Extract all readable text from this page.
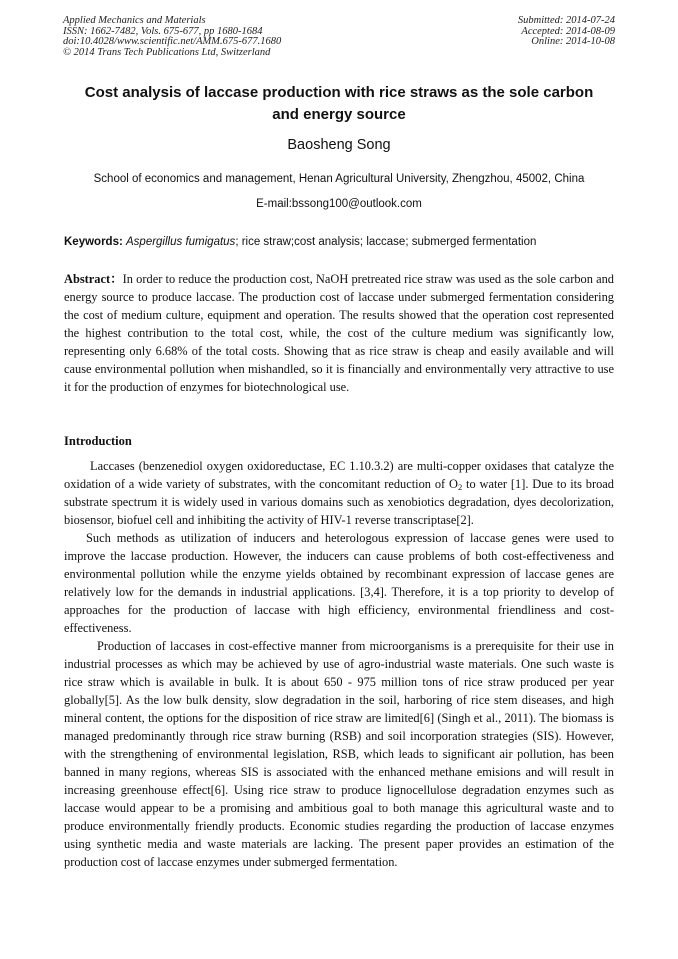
Applied Mechanics and Materials
ISSN: 1662-7482, Vols. 675-677, pp 1680-1684
doi:10.4028/www.scientific.net/AMM.675-677.1680
© 2014 Trans Tech Publications Ltd, Switzerland
Submitted: 2014-07-24
Accepted: 2014-08-09
Online: 2014-10-08
Cost analysis of laccase production with rice straws as the sole carbon
and energy source
Baosheng Song
School of economics and management, Henan Agricultural University, Zhengzhou, 45002, China
E-mail:bssong100@outlook.com
Keywords: Aspergillus fumigatus; rice straw;cost analysis; laccase; submerged fermentation
Abstract：In order to reduce the production cost, NaOH pretreated rice straw was used as the sole carbon and energy source to produce laccase. The production cost of laccase under submerged fermentation considering the cost of medium culture, equipment and operation. The results showed that the operation cost represented the highest contribution to the total cost, while, the cost of the culture medium was significantly low, representing only 6.68% of the total costs. Showing that as rice straw is cheap and easily available and will cause environmental pollution when mishandled, so it is financially and environmentally very attractive to use it for the production of enzymes for biotechnological use.
Introduction

Laccases (benzenediol oxygen oxidoreductase, EC 1.10.3.2) are multi-copper oxidases that catalyze the oxidation of a wide variety of substrates, with the concomitant reduction of $O_2$ to water [1]. Due to its broad substrate spectrum it is widely used in various domains such as xenobiotics degradation, dyes decolorization, biosensor, biofuel cell and inhibiting the activity of HIV-1 reverse transcriptase[2].

Such methods as utilization of inducers and heterologous expression of laccase genes were used to improve the laccase production. However, the inducers can cause problems of both cost-effectiveness and environmental pollution while the enzyme yields obtained by recombinant expression of laccase genes are relatively low for the demands in industrial applications. [3,4]. Therefore, it is a top priority to develop of approaches for the production of laccase with high efficiency, environmental friendliness and cost-effectiveness.

Production of laccases in cost-effective manner from microorganisms is a prerequisite for their use in industrial processes as which may be achieved by use of agro-industrial waste materials. One such waste is rice straw which is available in bulk. It is about 650 - 975 million tons of rice straw produced per year globally[5]. As the low bulk density, slow degradation in the soil, harboring of rice stem diseases, and high mineral content, the options for the disposition of rice straw are limited[6] (Singh et al., 2011). The biomass is managed predominantly through rice straw burning (RSB) and soil incorporation strategies (SIS). However, with the strengthening of environmental legislation, RSB, which leads to significant air pollution, has been banned in many regions, whereas SIS is associated with the enhanced methane emisions and will result in increasing greenhouse effect[6]. Using rice straw to produce lignocellulose degradation enzymes such as laccase would appear to be a promising and ambitious goal to both manage this agricultural waste and to produce environmentally friendly products. Economic studies regarding the production of laccase enzymes using synthetic media and waste materials are lacking. The present paper provides an estimation of the production cost of laccase enzymes under submerged fermentation.
